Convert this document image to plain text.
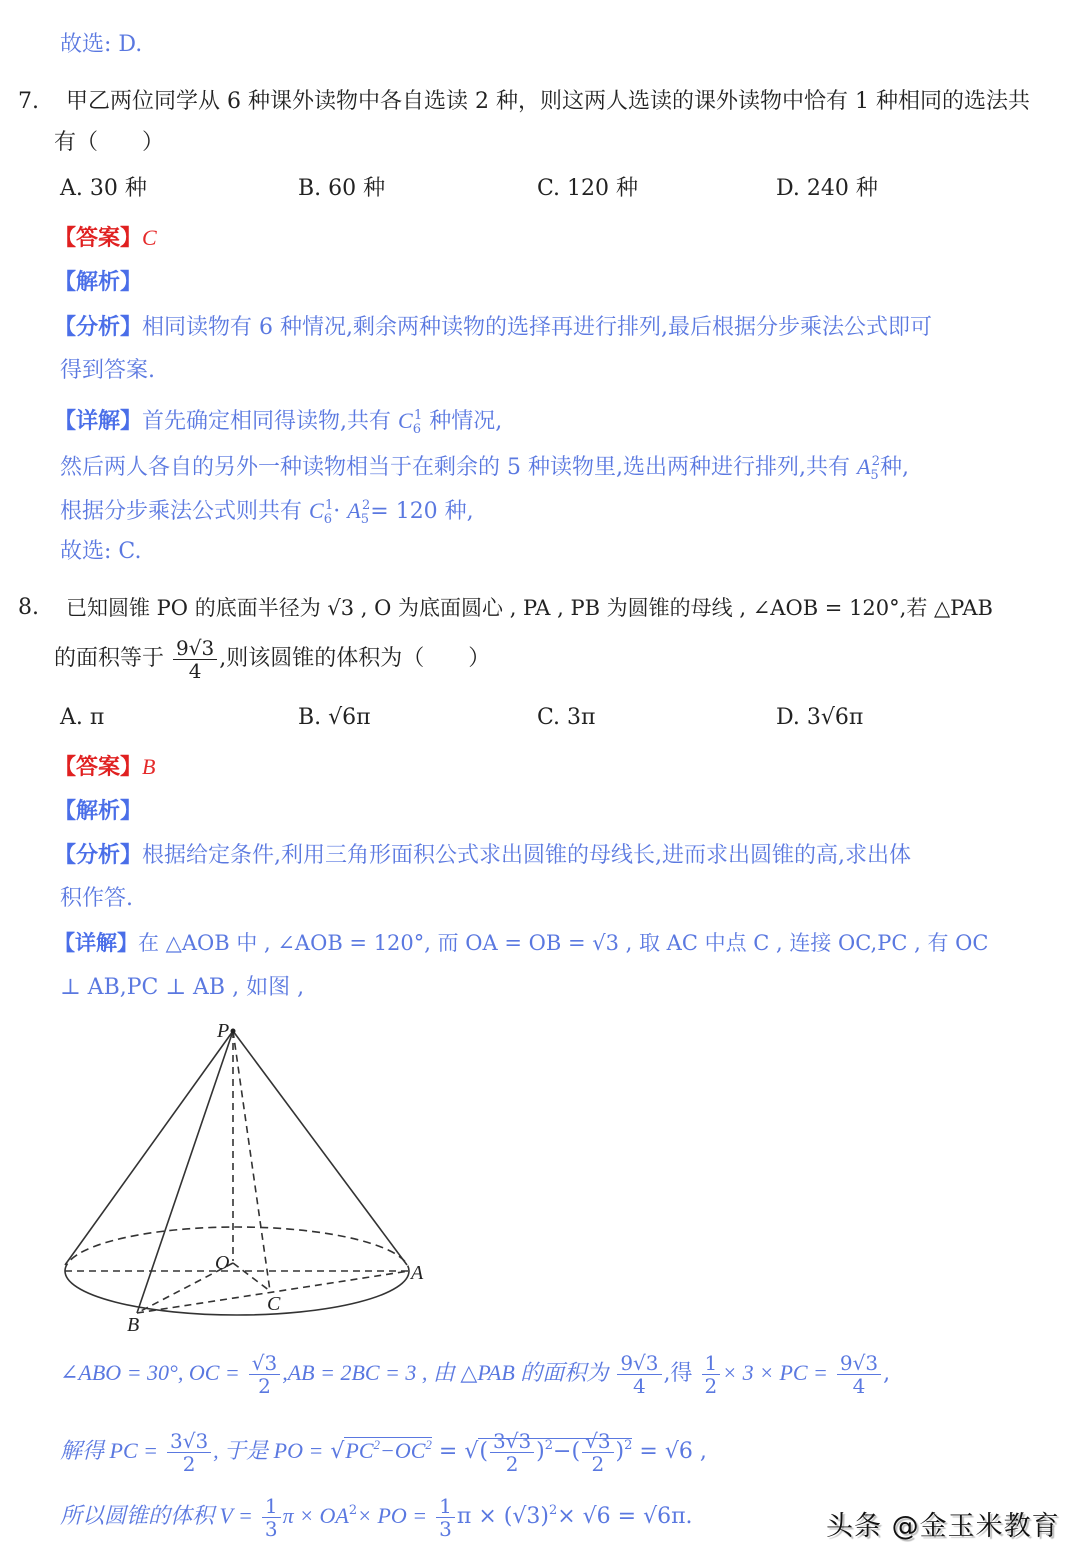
故选: D.
7. 甲乙两位同学从 6 种课外读物中各自选读 2 种，则这两人选读的课外读物中恰有 1 种相同的选法共
有（　　）
A. 30 种	B. 60 种	C. 120 种	D. 240 种
【答案】C
【解析】
【分析】相同读物有 6 种情况,剩余两种读物的选择再进行排列,最后根据分步乘法公式即可
得到答案.
【详解】首先确定相同得读物,共有 $C_6^1$ 种情况,
然后两人各自的另外一种读物相当于在剩余的 5 种读物里,选出两种进行排列,共有 $A_5^2$种,
根据分步乘法公式则共有 $C_6^1\cdot A_5^2= 120$ 种,
故选: C.
8. 已知圆锥 PO 的底面半径为 √3 , O 为底面圆心 , PA , PB 为圆锥的母线 , ∠AOB = 120°,若 △PAB
的面积等于 $\frac{9√3}{4}$ ,则该圆锥的体积为（　　）
A. π	B. √6π	C. 3π	D. 3√6π
【答案】B
【解析】
【分析】根据给定条件,利用三角形面积公式求出圆锥的母线长,进而求出圆锥的高,求出体
积作答.
【详解】在 △AOB 中 , ∠AOB = 120°, 而 OA = OB = √3 , 取 AC 中点 C , 连接 OC,PC , 有 OC
⊥ AB,PC ⊥ AB , 如图 ,
P
O	A
B
C
∠ABO = 30°, OC = $\frac{√3}{2} ,AB = 2BC = 3$ , 由 △PAB 的面积为 $\frac{9√3}{4}$ ,得 $\frac{1}{2} \times 3$ × PC = $\frac{9√3}{4}$ ,
解得 PC = $\frac{3√3}{2}$ , 于是 PO = $√PC^2-OC^2$ = √( $\frac{3√3}{2} )^2-( \frac{√3}{2} )^2 = √6$ ,
所以圆锥的体积 $V = \frac{1}{3}$ $\pi \times OA^2\times$ PO = $\frac{1}{3}$ $\pi \times (√3)^2\times √6 = √6\pi$.	头条 @金玉米教育
